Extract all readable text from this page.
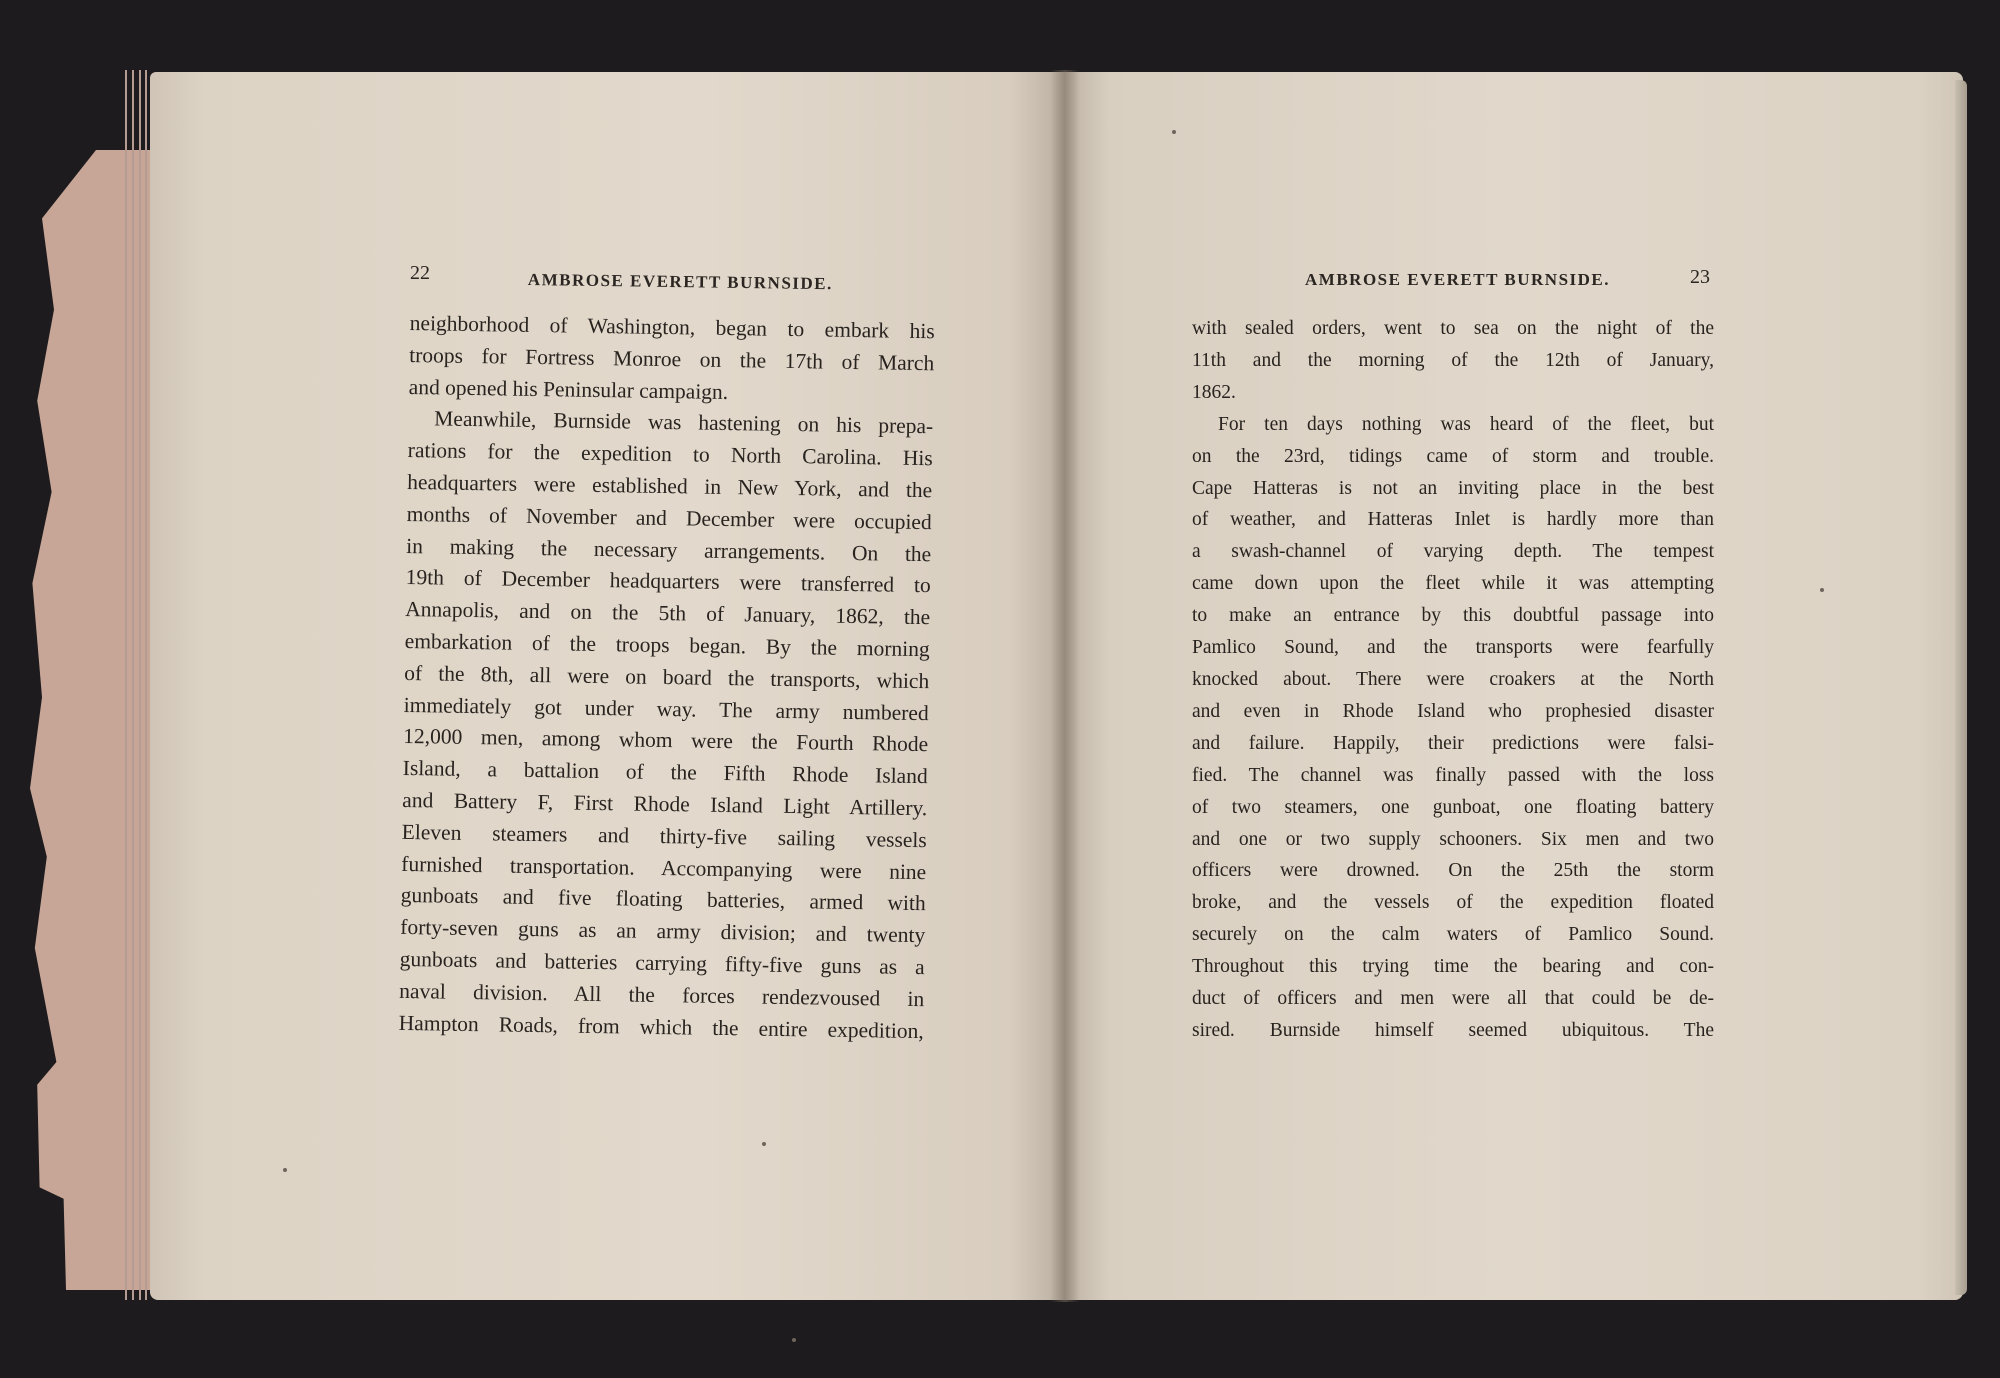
22	AMBROSE EVERETT BURNSIDE.
neighborhood of Washington, began to embark his
troops for Fortress Monroe on the 17th of March
and opened his Peninsular campaign.
Meanwhile, Burnside was hastening on his prepa-
rations for the expedition to North Carolina. His
headquarters were established in New York, and the
months of November and December were occupied
in making the necessary arrangements. On the
19th of December headquarters were transferred to
Annapolis, and on the 5th of January, 1862, the
embarkation of the troops began. By the morning
of the 8th, all were on board the transports, which
immediately got under way. The army numbered
12,000 men, among whom were the Fourth Rhode
Island, a battalion of the Fifth Rhode Island
and Battery F, First Rhode Island Light Artillery.
Eleven steamers and thirty-five sailing vessels
furnished transportation. Accompanying were nine
gunboats and five floating batteries, armed with
forty-seven guns as an army division; and twenty
gunboats and batteries carrying fifty-five guns as a
naval division. All the forces rendezvoused in
Hampton Roads, from which the entire expedition,
AMBROSE EVERETT BURNSIDE.	23
with sealed orders, went to sea on the night of the
11th and the morning of the 12th of January,
1862.
For ten days nothing was heard of the fleet, but
on the 23rd, tidings came of storm and trouble.
Cape Hatteras is not an inviting place in the best
of weather, and Hatteras Inlet is hardly more than
a swash-channel of varying depth. The tempest
came down upon the fleet while it was attempting
to make an entrance by this doubtful passage into
Pamlico Sound, and the transports were fearfully
knocked about. There were croakers at the North
and even in Rhode Island who prophesied disaster
and failure. Happily, their predictions were falsi-
fied. The channel was finally passed with the loss
of two steamers, one gunboat, one floating battery
and one or two supply schooners. Six men and two
officers were drowned. On the 25th the storm
broke, and the vessels of the expedition floated
securely on the calm waters of Pamlico Sound.
Throughout this trying time the bearing and con-
duct of officers and men were all that could be de-
sired. Burnside himself seemed ubiquitous. The
